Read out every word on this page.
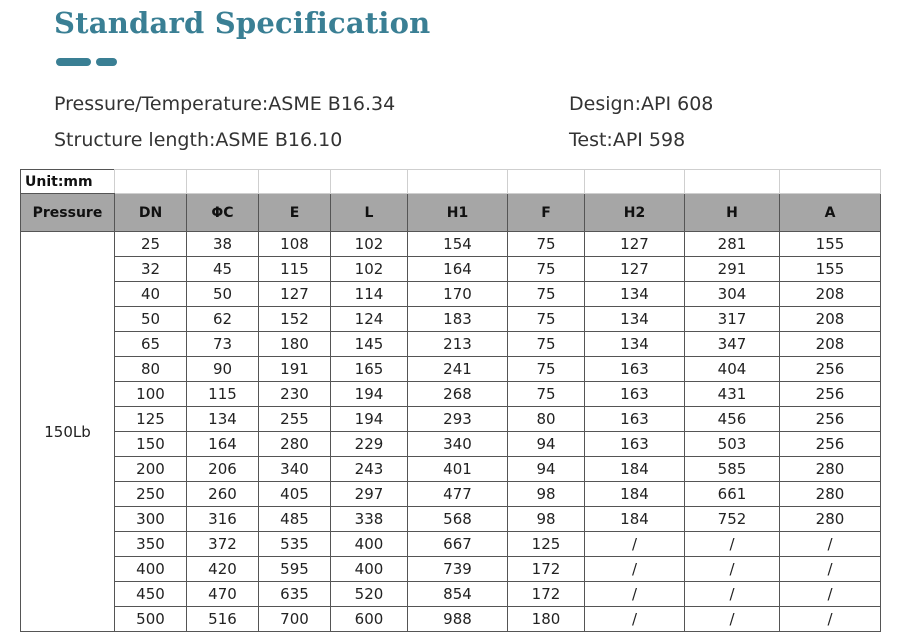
Standard Specification
Pressure/Temperature:ASME B16.34
Structure length:ASME B16.10
Design:API 608
Test:API 598
Unit:mm									
Pressure	DN	ΦC	E	L	H1	F	H2	H	A
150Lb	25	38	108	102	154	75	127	281	155
	32	45	115	102	164	75	127	291	155
	40	50	127	114	170	75	134	304	208
	50	62	152	124	183	75	134	317	208
	65	73	180	145	213	75	134	347	208
	80	90	191	165	241	75	163	404	256
	100	115	230	194	268	75	163	431	256
	125	134	255	194	293	80	163	456	256
	150	164	280	229	340	94	163	503	256
	200	206	340	243	401	94	184	585	280
	250	260	405	297	477	98	184	661	280
	300	316	485	338	568	98	184	752	280
	350	372	535	400	667	125	/	/	/
	400	420	595	400	739	172	/	/	/
	450	470	635	520	854	172	/	/	/
	500	516	700	600	988	180	/	/	/
